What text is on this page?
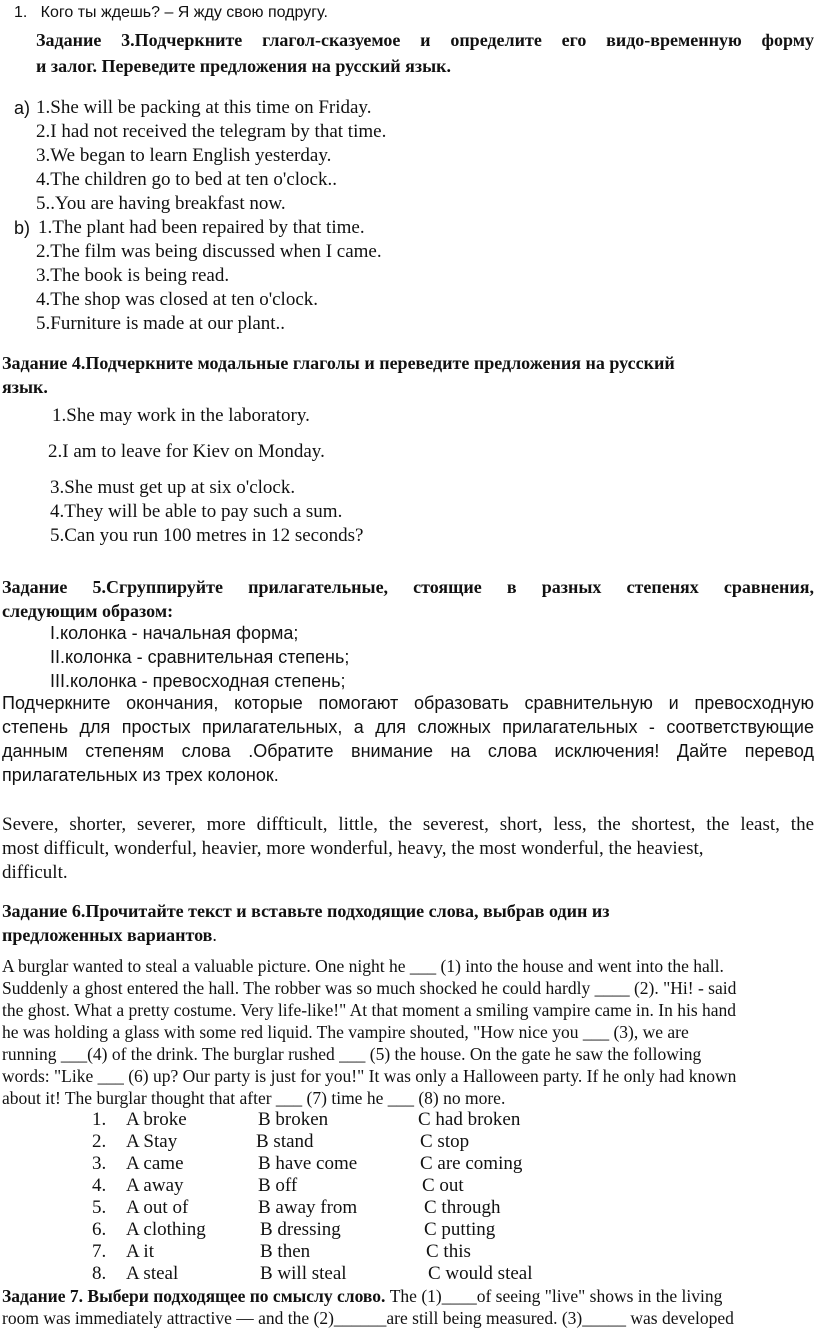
1.   Кого ты ждешь? – Я жду свою подругу.
Задание 3.Подчеркните глагол-сказуемое и определите его видо-временную форму
и залог. Переведите предложения на русский язык.
a) 1.She will be packing at this time on Friday.
2.I had not received the telegram by that time.
3.We began to learn English yesterday.
4.The children go to bed at ten o'clock..
5..You are having breakfast now.
b) 1.The plant had been repaired by that time.
2.The film was being discussed when I came.
3.The book is being read.
4.The shop was closed at ten o'clock.
5.Furniture is made at our plant..
Задание 4.Подчеркните модальные глаголы и переведите предложения на русский
язык.
1.She may work in the laboratory.
2.I am to leave for Kiev on Monday.
3.She must get up at six o'clock.
4.They will be able to pay such a sum.
5.Can you run 100 metres in 12 seconds?
Задание 5.Сгруппируйте прилагательные, стоящие в разных степенях сравнения,
следующим образом:
I.колонка - начальная форма;
II.колонка - сравнительная степень;
III.колонка - превосходная степень;
Подчеркните окончания, которые помогают образовать сравнительную и превосходную
степень для простых прилагательных, а для сложных прилагательных - соответствующие
данным степеням слова .Обратите внимание на слова исключения! Дайте перевод
прилагательных из трех колонок.
Severe, shorter, severer, more diffticult, little, the severest, short, less, the shortest, the least, the
most difficult, wonderful, heavier, more wonderful, heavy, the most wonderful, the heaviest,
difficult.
Задание 6.Прочитайте текст и вставьте подходящие слова, выбрав один из
предложенных вариантов.
A burglar wanted to steal a valuable picture. One night he ___ (1) into the house and went into the hall.
Suddenly a ghost entered the hall. The robber was so much shocked he could hardly ____ (2). "Hi! - said
the ghost. What a pretty costume. Very life-like!" At that moment a smiling vampire came in. In his hand
he was holding a glass with some red liquid. The vampire shouted, "How nice you ___ (3), we are
running ___(4) of the drink. The burglar rushed ___ (5) the house. On the gate he saw the following
words: "Like ___ (6) up? Our party is just for you!" It was only a Halloween party. If he only had known
about it! The burglar thought that after ___ (7) time he ___ (8) no more.
1. A broke	B broken	C had broken
2. A Stay	B stand	C stop
3. A came	B have come	C are coming
4. A away	B off	C out
5. A out of	B away from	C through
6. A clothing	B dressing	C putting
7. A it	B then	C this
8. A steal	B will steal	C would steal
Задание 7. Выбери подходящее по смыслу слово. The (1)____of seeing "live" shows in the living
room was immediately attractive — and the (2)______are still being measured. (3)_____ was developed
